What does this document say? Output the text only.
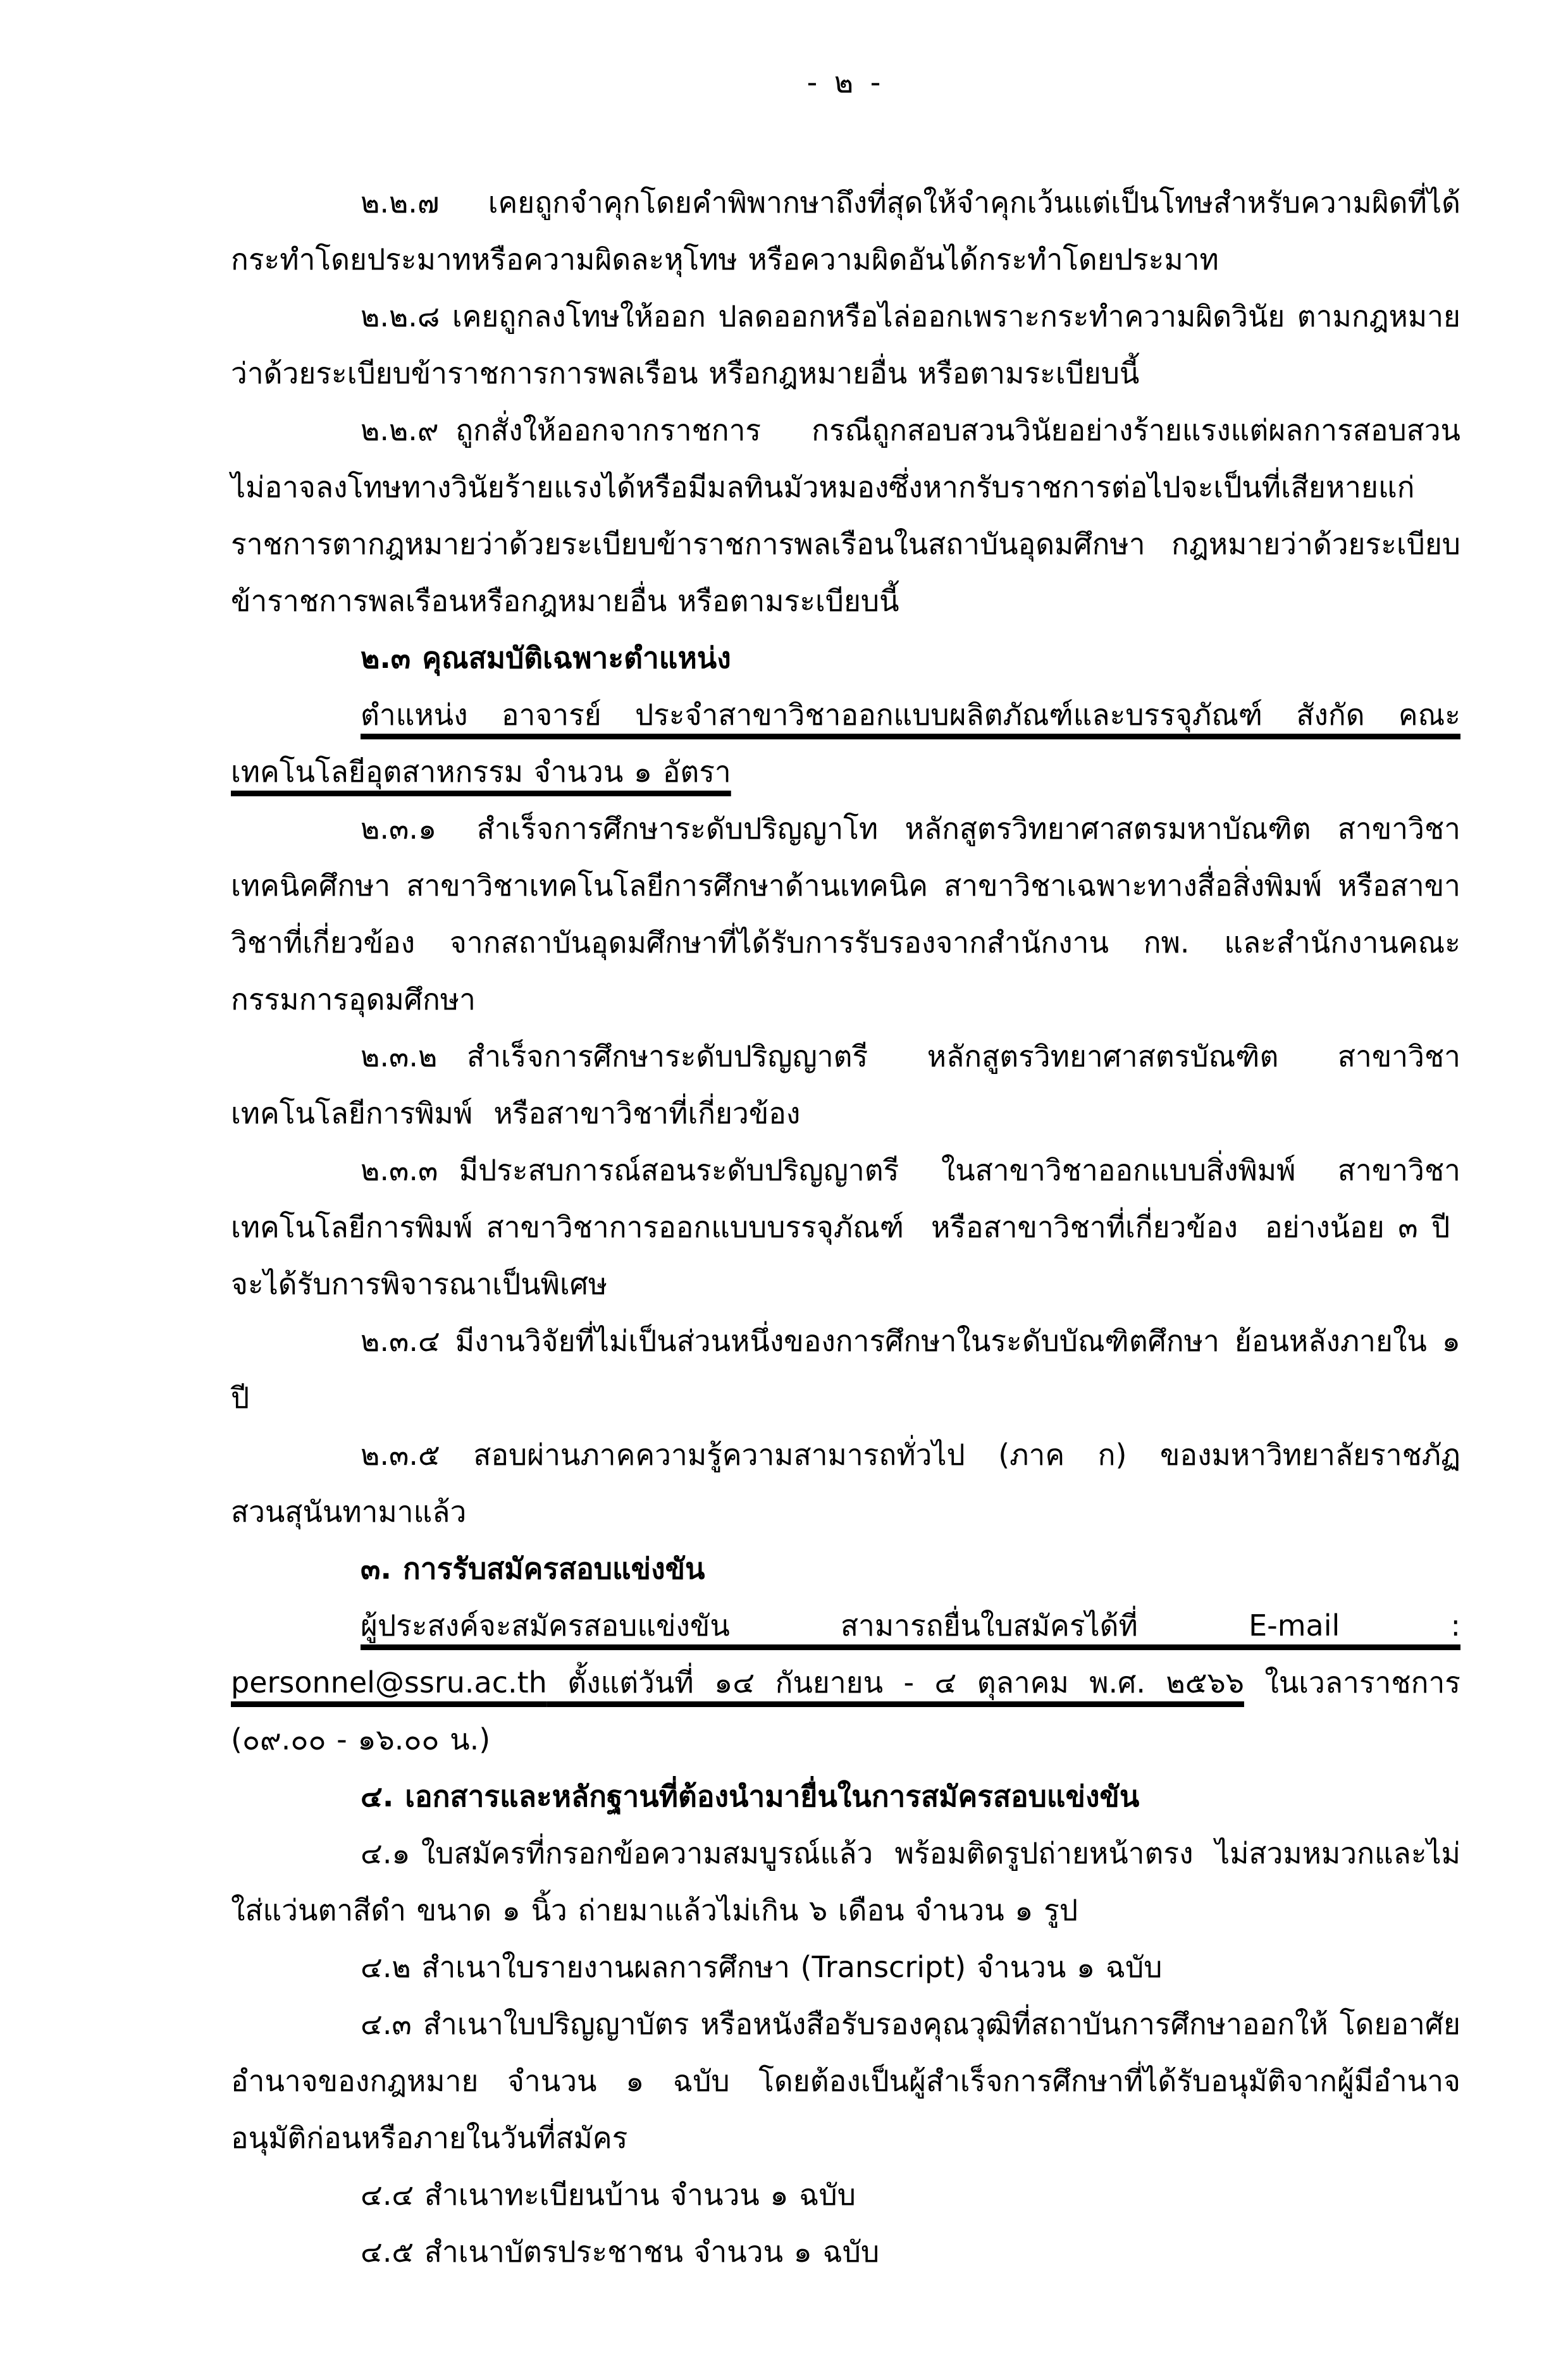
- ๒ -

๒.๒.๗ เคยถูกจำคุกโดยคำพิพากษาถึงที่สุดให้จำคุกเว้นแต่เป็นโทษสำหรับความผิดที่ได้กระทำโดยประมาทหรือความผิดละหุโทษ หรือความผิดอันได้กระทำโดยประมาท

๒.๒.๘ เคยถูกลงโทษให้ออก ปลดออกหรือไล่ออกเพราะกระทำความผิดวินัย ตามกฎหมายว่าด้วยระเบียบข้าราชการการพลเรือน หรือกฎหมายอื่น หรือตามระเบียบนี้

๒.๒.๙ ถูกสั่งให้ออกจากราชการ   กรณีถูกสอบสวนวินัยอย่างร้ายแรงแต่ผลการสอบสวนไม่อาจลงโทษทางวินัยร้ายแรงได้หรือมีมลทินมัวหมองซึ่งหากรับราชการต่อไปจะเป็นที่เสียหายแก่ราชการตากฎหมายว่าด้วยระเบียบข้าราชการพลเรือนในสถาบันอุดมศึกษา กฎหมายว่าด้วยระเบียบข้าราชการพลเรือนหรือกฎหมายอื่น หรือตามระเบียบนี้

๒.๓ คุณสมบัติเฉพาะตำแหน่ง

ตำแหน่ง  อาจารย์  ประจำสาขาวิชาออกแบบผลิตภัณฑ์และบรรจุภัณฑ์  สังกัด  คณะเทคโนโลยีอุตสาหกรรม จำนวน ๑ อัตรา

๒.๓.๑   สำเร็จการศึกษาระดับปริญญาโท  หลักสูตรวิทยาศาสตรมหาบัณฑิต  สาขาวิชาเทคนิคศึกษา สาขาวิชาเทคโนโลยีการศึกษาด้านเทคนิค สาขาวิชาเฉพาะทางสื่อสิ่งพิมพ์ หรือสาขาวิชาที่เกี่ยวข้อง จากสถาบันอุดมศึกษาที่ได้รับการรับรองจากสำนักงาน กพ. และสำนักงานคณะกรรมการอุดมศึกษา

๒.๓.๒ สำเร็จการศึกษาระดับปริญญาตรี  หลักสูตรวิทยาศาสตรบัณฑิต  สาขาวิชาเทคโนโลยีการพิมพ์  หรือสาขาวิชาที่เกี่ยวข้อง

๒.๓.๓ มีประสบการณ์สอนระดับปริญญาตรี  ในสาขาวิชาออกแบบสิ่งพิมพ์  สาขาวิชาเทคโนโลยีการพิมพ์ สาขาวิชาการออกแบบบรรจุภัณฑ์  หรือสาขาวิชาที่เกี่ยวข้อง  อย่างน้อย ๓ ปี  จะได้รับการพิจารณาเป็นพิเศษ

๒.๓.๔ มีงานวิจัยที่ไม่เป็นส่วนหนึ่งของการศึกษาในระดับบัณฑิตศึกษา ย้อนหลังภายใน ๑ ปี

๒.๓.๕ สอบผ่านภาคความรู้ความสามารถทั่วไป (ภาค ก) ของมหาวิทยาลัยราชภัฏสวนสุนันทามาแล้ว

๓. การรับสมัครสอบแข่งขัน

ผู้ประสงค์จะสมัครสอบแข่งขัน สามารถยื่นใบสมัครได้ที่ E-mail : personnel@ssru.ac.th ตั้งแต่วันที่ ๑๔ กันยายน - ๔ ตุลาคม พ.ศ. ๒๕๖๖ ในเวลาราชการ (๐๙.๐๐ - ๑๖.๐๐ น.)

๔. เอกสารและหลักฐานที่ต้องนำมายื่นในการสมัครสอบแข่งขัน

๔.๑ ใบสมัครที่กรอกข้อความสมบูรณ์แล้ว  พร้อมติดรูปถ่ายหน้าตรง  ไม่สวมหมวกและไม่ใส่แว่นตาสีดำ ขนาด ๑ นิ้ว ถ่ายมาแล้วไม่เกิน ๖ เดือน จำนวน ๑ รูป

๔.๒ สำเนาใบรายงานผลการศึกษา (Transcript) จำนวน ๑ ฉบับ

๔.๓ สำเนาใบปริญญาบัตร หรือหนังสือรับรองคุณวุฒิที่สถาบันการศึกษาออกให้ โดยอาศัยอำนาจของกฎหมาย  จำนวน  ๑  ฉบับ  โดยต้องเป็นผู้สำเร็จการศึกษาที่ได้รับอนุมัติจากผู้มีอำนาจอนุมัติก่อนหรือภายในวันที่สมัคร

๔.๔ สำเนาทะเบียนบ้าน จำนวน ๑ ฉบับ

๔.๕ สำเนาบัตรประชาชน จำนวน ๑ ฉบับ
